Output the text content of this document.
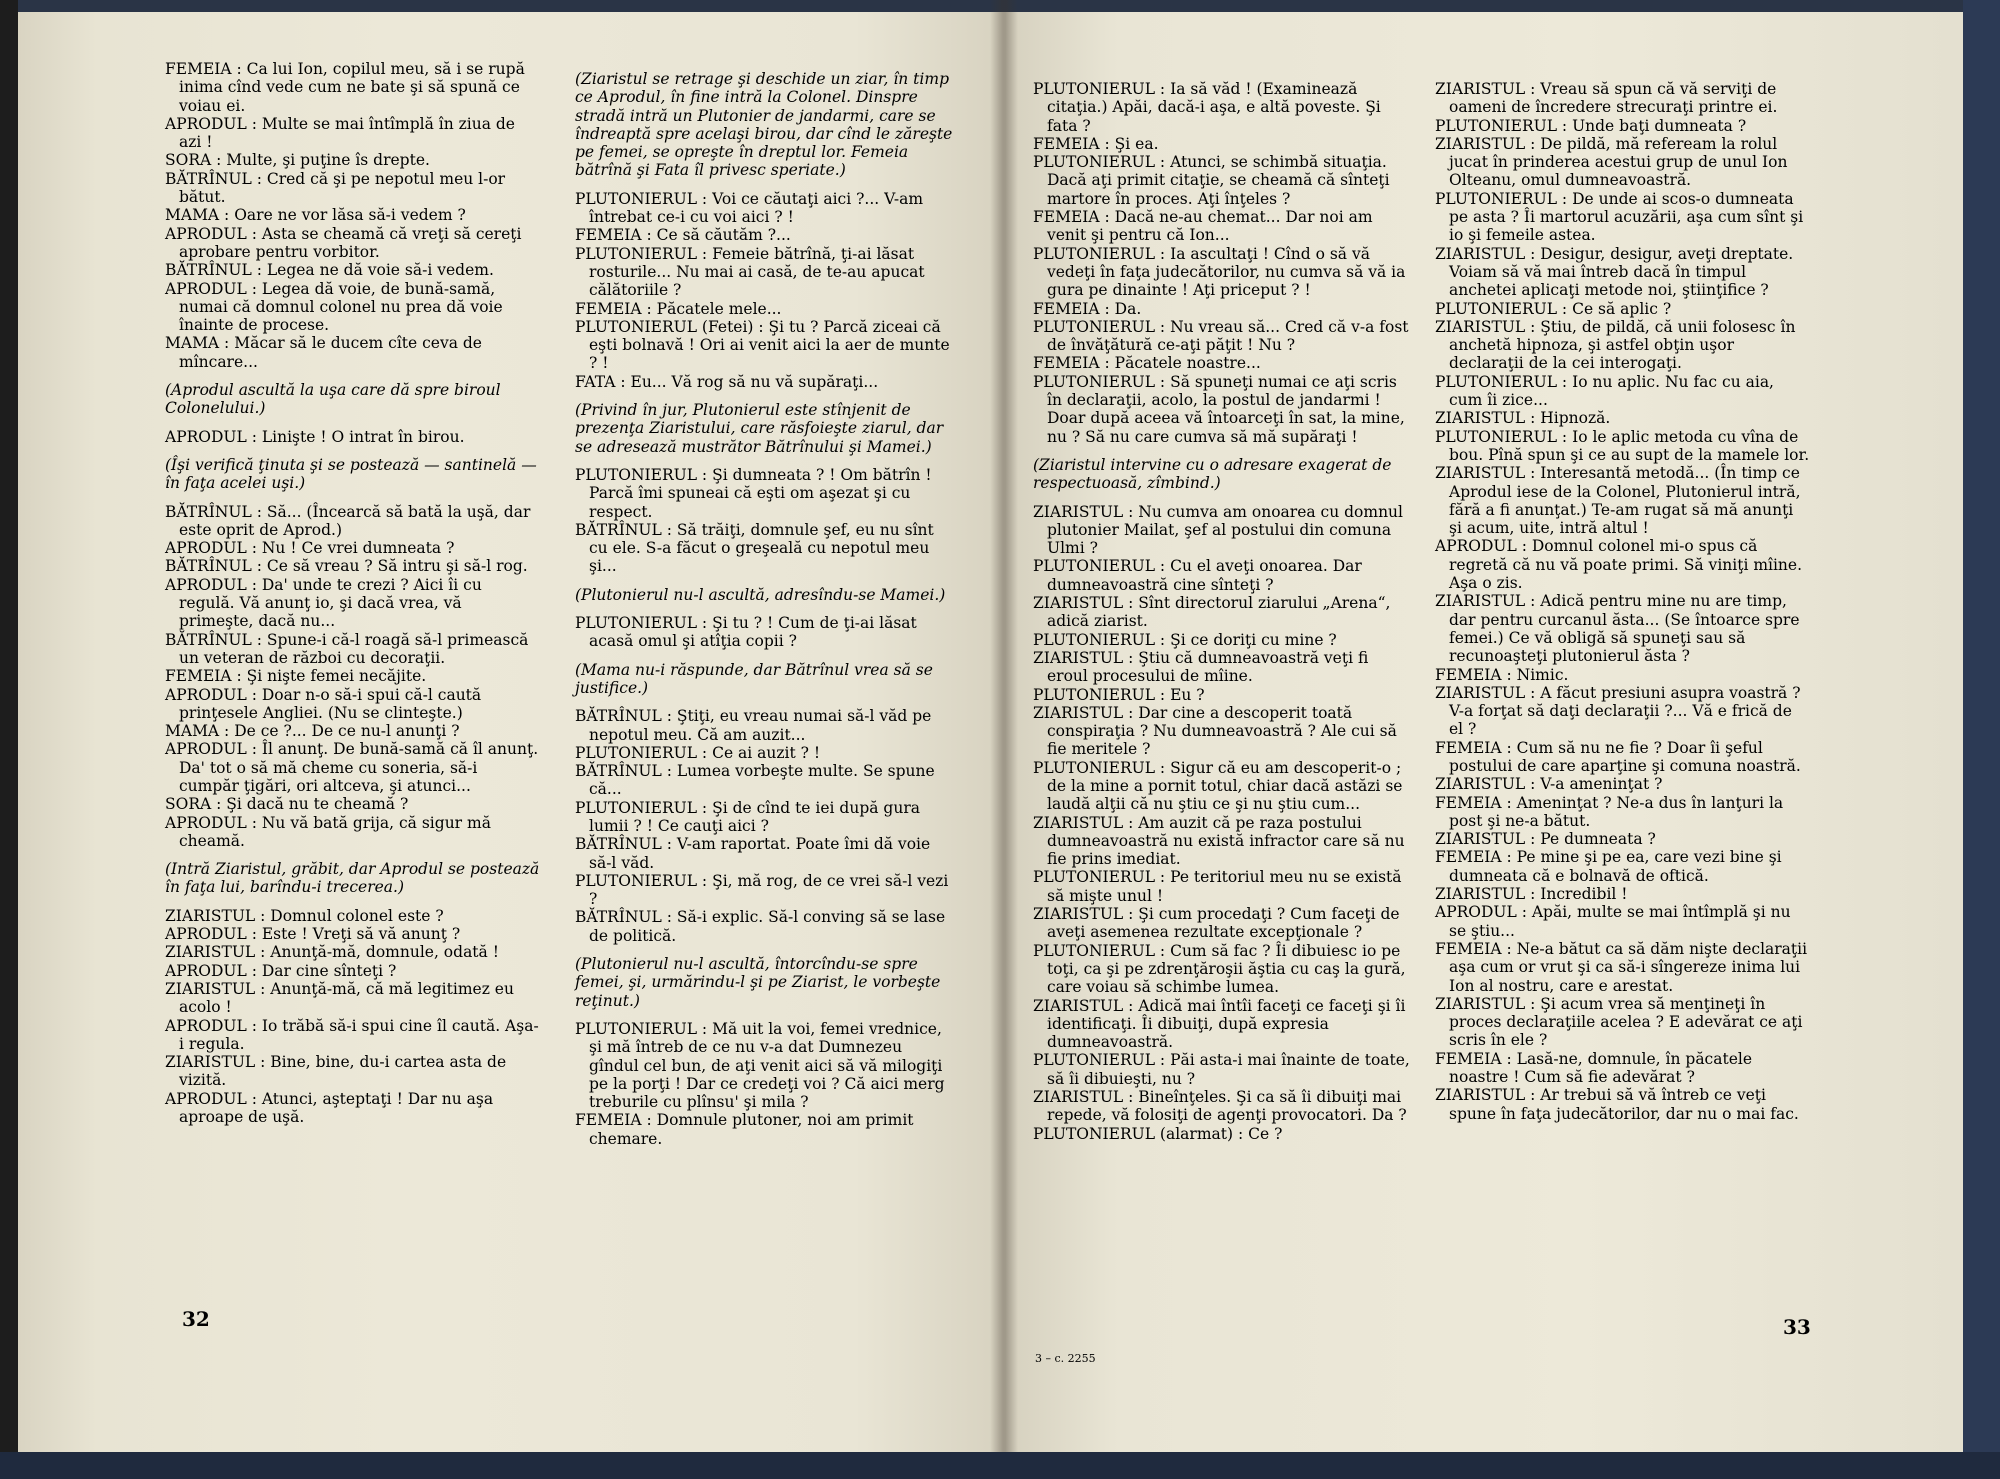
FEMEIA : Ca lui Ion, copilul meu, să i se rupă inima cînd vede cum ne bate şi să spună ce voiau ei.

APRODUL : Multe se mai întîmplă în ziua de azi !

SORA : Multe, şi puţine îs drepte.

BĂTRÎNUL : Cred că şi pe nepotul meu l-or bătut.

MAMA : Oare ne vor lăsa să-i vedem ?

APRODUL : Asta se cheamă că vreţi să cereţi aprobare pentru vorbitor.

BĂTRÎNUL : Legea ne dă voie să-i vedem.

APRODUL : Legea dă voie, de bună-samă, numai că domnul colonel nu prea dă voie înainte de procese.

MAMA : Măcar să le ducem cîte ceva de mîncare...

(Aprodul ascultă la uşa care dă spre biroul Colonelului.)

APRODUL : Linişte ! O intrat în birou.

(Îşi verifică ţinuta şi se postează — santinelă — în faţa acelei uşi.)

BĂTRÎNUL : Să... (Încearcă să bată la uşă, dar este oprit de Aprod.)

APRODUL : Nu ! Ce vrei dumneata ?

BĂTRÎNUL : Ce să vreau ? Să intru şi să-l rog.

APRODUL : Da' unde te crezi ? Aici îi cu regulă. Vă anunţ io, şi dacă vrea, vă primeşte, dacă nu...

BĂTRÎNUL : Spune-i că-l roagă să-l primească un veteran de război cu decoraţii.

FEMEIA : Şi nişte femei necăjite.

APRODUL : Doar n-o să-i spui că-l caută prinţesele Angliei. (Nu se clinteşte.)

MAMA : De ce ?... De ce nu-l anunţi ?

APRODUL : Îl anunţ. De bună-samă că îl anunţ. Da' tot o să mă cheme cu soneria, să-i cumpăr ţigări, ori altceva, şi atunci...

SORA : Şi dacă nu te cheamă ?

APRODUL : Nu vă bată grija, că sigur mă cheamă.

(Intră Ziaristul, grăbit, dar Aprodul se postează în faţa lui, barîndu-i trecerea.)

ZIARISTUL : Domnul colonel este ?

APRODUL : Este ! Vreţi să vă anunţ ?

ZIARISTUL : Anunţă-mă, domnule, odată !

APRODUL : Dar cine sînteţi ?

ZIARISTUL : Anunţă-mă, că mă legitimez eu acolo !

APRODUL : Io trăbă să-i spui cine îl caută. Aşa-i regula.

ZIARISTUL : Bine, bine, du-i cartea asta de vizită.

APRODUL : Atunci, aşteptaţi ! Dar nu aşa aproape de uşă.

(Ziaristul se retrage şi deschide un ziar, în timp ce Aprodul, în fine intră la Colonel. Dinspre stradă intră un Plutonier de jandarmi, care se îndreaptă spre acelaşi birou, dar cînd le zăreşte pe femei, se opreşte în dreptul lor. Femeia bătrînă şi Fata îl privesc speriate.)

PLUTONIERUL : Voi ce căutaţi aici ?... V-am întrebat ce-i cu voi aici ? !

FEMEIA : Ce să căutăm ?...

PLUTONIERUL : Femeie bătrînă, ţi-ai lăsat rosturile... Nu mai ai casă, de te-au apucat călătoriile ?

FEMEIA : Păcatele mele...

PLUTONIERUL (Fetei) : Şi tu ? Parcă ziceai că eşti bolnavă ! Ori ai venit aici la aer de munte ? !

FATA : Eu... Vă rog să nu vă supăraţi...

(Privind în jur, Plutonierul este stînjenit de prezenţa Ziaristului, care răsfoieşte ziarul, dar se adresează mustrător Bătrînului şi Mamei.)

PLUTONIERUL : Şi dumneata ? ! Om bătrîn ! Parcă îmi spuneai că eşti om aşezat şi cu respect.

BĂTRÎNUL : Să trăiţi, domnule şef, eu nu sînt cu ele. S-a făcut o greşeală cu nepotul meu şi...

(Plutonierul nu-l ascultă, adresîndu-se Mamei.)

PLUTONIERUL : Şi tu ? ! Cum de ţi-ai lăsat acasă omul şi atîţia copii ?

(Mama nu-i răspunde, dar Bătrînul vrea să se justifice.)

BĂTRÎNUL : Ştiţi, eu vreau numai să-l văd pe nepotul meu. Că am auzit...

PLUTONIERUL : Ce ai auzit ? !

BĂTRÎNUL : Lumea vorbeşte multe. Se spune că...

PLUTONIERUL : Şi de cînd te iei după gura lumii ? ! Ce cauţi aici ?

BĂTRÎNUL : V-am raportat. Poate îmi dă voie să-l văd.

PLUTONIERUL : Şi, mă rog, de ce vrei să-l vezi ?

BĂTRÎNUL : Să-i explic. Să-l conving să se lase de politică.

(Plutonierul nu-l ascultă, întorcîndu-se spre femei, şi, urmărindu-l şi pe Ziarist, le vorbeşte reţinut.)

PLUTONIERUL : Mă uit la voi, femei vrednice, şi mă întreb de ce nu v-a dat Dumnezeu gîndul cel bun, de aţi venit aici să vă milogiţi pe la porţi ! Dar ce credeţi voi ? Că aici merg treburile cu plînsu' şi mila ?

FEMEIA : Domnule plutoner, noi am primit chemare.

PLUTONIERUL : Ia să văd ! (Examinează citaţia.) Apăi, dacă-i aşa, e altă poveste. Şi fata ?

FEMEIA : Şi ea.

PLUTONIERUL : Atunci, se schimbă situaţia. Dacă aţi primit citaţie, se cheamă că sînteţi martore în proces. Aţi înţeles ?

FEMEIA : Dacă ne-au chemat... Dar noi am venit şi pentru că Ion...

PLUTONIERUL : Ia ascultaţi ! Cînd o să vă vedeţi în faţa judecătorilor, nu cumva să vă ia gura pe dinainte ! Aţi priceput ? !

FEMEIA : Da.

PLUTONIERUL : Nu vreau să... Cred că v-a fost de învăţătură ce-aţi păţit ! Nu ?

FEMEIA : Păcatele noastre...

PLUTONIERUL : Să spuneţi numai ce aţi scris în declaraţii, acolo, la postul de jandarmi ! Doar după aceea vă întoarceţi în sat, la mine, nu ? Să nu care cumva să mă supăraţi !

(Ziaristul intervine cu o adresare exagerat de respectuoasă, zîmbind.)

ZIARISTUL : Nu cumva am onoarea cu domnul plutonier Mailat, şef al postului din comuna Ulmi ?

PLUTONIERUL : Cu el aveţi onoarea. Dar dumneavoastră cine sînteţi ?

ZIARISTUL : Sînt directorul ziarului „Arena“, adică ziarist.

PLUTONIERUL : Şi ce doriţi cu mine ?

ZIARISTUL : Ştiu că dumneavoastră veţi fi eroul procesului de mîine.

PLUTONIERUL : Eu ?

ZIARISTUL : Dar cine a descoperit toată conspiraţia ? Nu dumneavoastră ? Ale cui să fie meritele ?

PLUTONIERUL : Sigur că eu am descoperit-o ; de la mine a pornit totul, chiar dacă astăzi se laudă alţii că nu ştiu ce şi nu ştiu cum...

ZIARISTUL : Am auzit că pe raza postului dumneavoastră nu există infractor care să nu fie prins imediat.

PLUTONIERUL : Pe teritoriul meu nu se există să mişte unul !

ZIARISTUL : Şi cum procedaţi ? Cum faceţi de aveţi asemenea rezultate excepţionale ?

PLUTONIERUL : Cum să fac ? Îi dibuiesc io pe toţi, ca şi pe zdrenţăroşii ăştia cu caş la gură, care voiau să schimbe lumea.

ZIARISTUL : Adică mai întîi faceţi ce faceţi şi îi identificaţi. Îi dibuiţi, după expresia dumneavoastră.

PLUTONIERUL : Păi asta-i mai înainte de toate, să îi dibuieşti, nu ?

ZIARISTUL : Bineînţeles. Şi ca să îi dibuiţi mai repede, vă folosiţi de agenţi provocatori. Da ?

PLUTONIERUL (alarmat) : Ce ?

ZIARISTUL : Vreau să spun că vă serviţi de oameni de încredere strecuraţi printre ei.

PLUTONIERUL : Unde baţi dumneata ?

ZIARISTUL : De pildă, mă refeream la rolul jucat în prinderea acestui grup de unul Ion Olteanu, omul dumneavoastră.

PLUTONIERUL : De unde ai scos-o dumneata pe asta ? Îi martorul acuzării, aşa cum sînt şi io şi femeile astea.

ZIARISTUL : Desigur, desigur, aveţi dreptate. Voiam să vă mai întreb dacă în timpul anchetei aplicaţi metode noi, ştiinţifice ?

PLUTONIERUL : Ce să aplic ?

ZIARISTUL : Ştiu, de pildă, că unii folosesc în anchetă hipnoza, şi astfel obţin uşor declaraţii de la cei interogaţi.

PLUTONIERUL : Io nu aplic. Nu fac cu aia, cum îi zice...

ZIARISTUL : Hipnoză.

PLUTONIERUL : Io le aplic metoda cu vîna de bou. Pînă spun şi ce au supt de la mamele lor.

ZIARISTUL : Interesantă metodă... (În timp ce Aprodul iese de la Colonel, Plutonierul intră, fără a fi anunţat.) Te-am rugat să mă anunţi şi acum, uite, intră altul !

APRODUL : Domnul colonel mi-o spus că regretă că nu vă poate primi. Să viniţi mîine. Aşa o zis.

ZIARISTUL : Adică pentru mine nu are timp, dar pentru curcanul ăsta... (Se întoarce spre femei.) Ce vă obligă să spuneţi sau să recunoaşteţi plutonierul ăsta ?

FEMEIA : Nimic.

ZIARISTUL : A făcut presiuni asupra voastră ? V-a forţat să daţi declaraţii ?... Vă e frică de el ?

FEMEIA : Cum să nu ne fie ? Doar îi şeful postului de care aparţine şi comuna noastră.

ZIARISTUL : V-a ameninţat ?

FEMEIA : Ameninţat ? Ne-a dus în lanţuri la post şi ne-a bătut.

ZIARISTUL : Pe dumneata ?

FEMEIA : Pe mine şi pe ea, care vezi bine şi dumneata că e bolnavă de oftică.

ZIARISTUL : Incredibil !

APRODUL : Apăi, multe se mai întîmplă şi nu se ştiu...

FEMEIA : Ne-a bătut ca să dăm nişte declaraţii aşa cum or vrut şi ca să-i sîngereze inima lui Ion al nostru, care e arestat.

ZIARISTUL : Şi acum vrea să menţineţi în proces declaraţiile acelea ? E adevărat ce aţi scris în ele ?

FEMEIA : Lasă-ne, domnule, în păcatele noastre ! Cum să fie adevărat ?

ZIARISTUL : Ar trebui să vă întreb ce veţi spune în faţa judecătorilor, dar nu o mai fac.

32	33
3 – c. 2255
